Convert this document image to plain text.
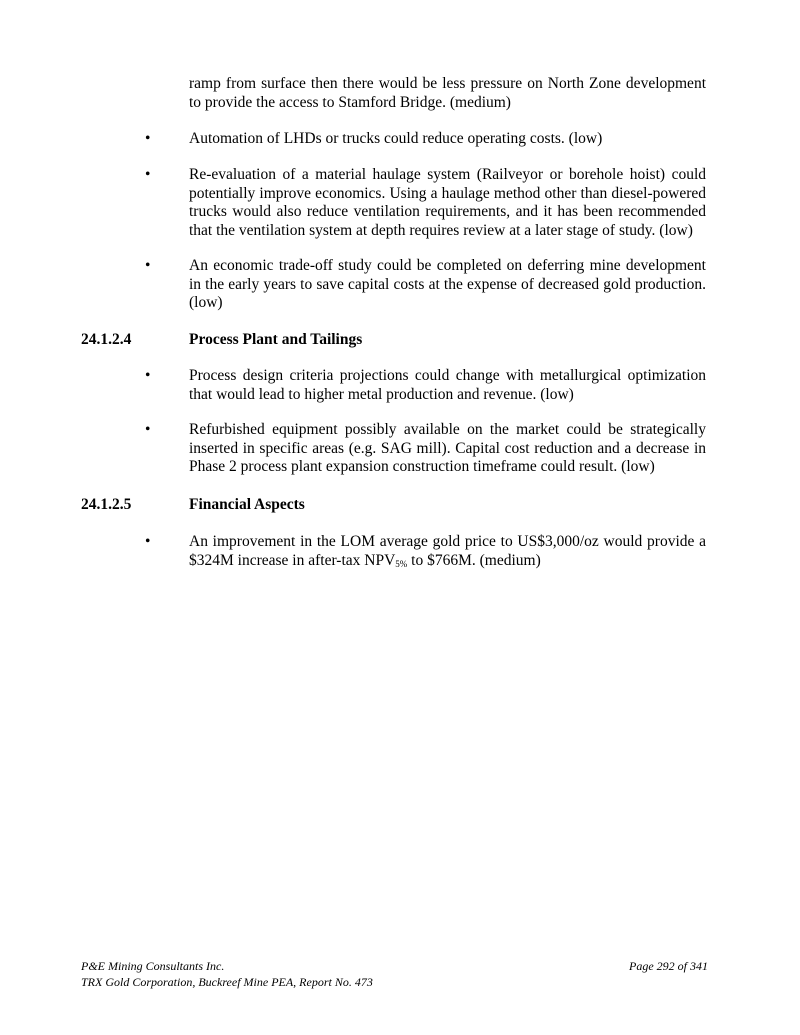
ramp from surface then there would be less pressure on North Zone development to provide the access to Stamford Bridge. (medium)

• Automation of LHDs or trucks could reduce operating costs. (low)

• Re-evaluation of a material haulage system (Railveyor or borehole hoist) could potentially improve economics. Using a haulage method other than diesel-powered trucks would also reduce ventilation requirements, and it has been recommended that the ventilation system at depth requires review at a later stage of study. (low)

• An economic trade-off study could be completed on deferring mine development in the early years to save capital costs at the expense of decreased gold production. (low)

24.1.2.4	Process Plant and Tailings

• Process design criteria projections could change with metallurgical optimization that would lead to higher metal production and revenue. (low)

• Refurbished equipment possibly available on the market could be strategically inserted in specific areas (e.g. SAG mill). Capital cost reduction and a decrease in Phase 2 process plant expansion construction timeframe could result. (low)

24.1.2.5	Financial Aspects

• An improvement in the LOM average gold price to US$3,000/oz would provide a $324M increase in after-tax $NPV_{5\%}$ to $766M. (medium)

P&E Mining Consultants Inc.

TRX Gold Corporation, Buckreef Mine PEA, Report No. 473

Page 292 of 341
